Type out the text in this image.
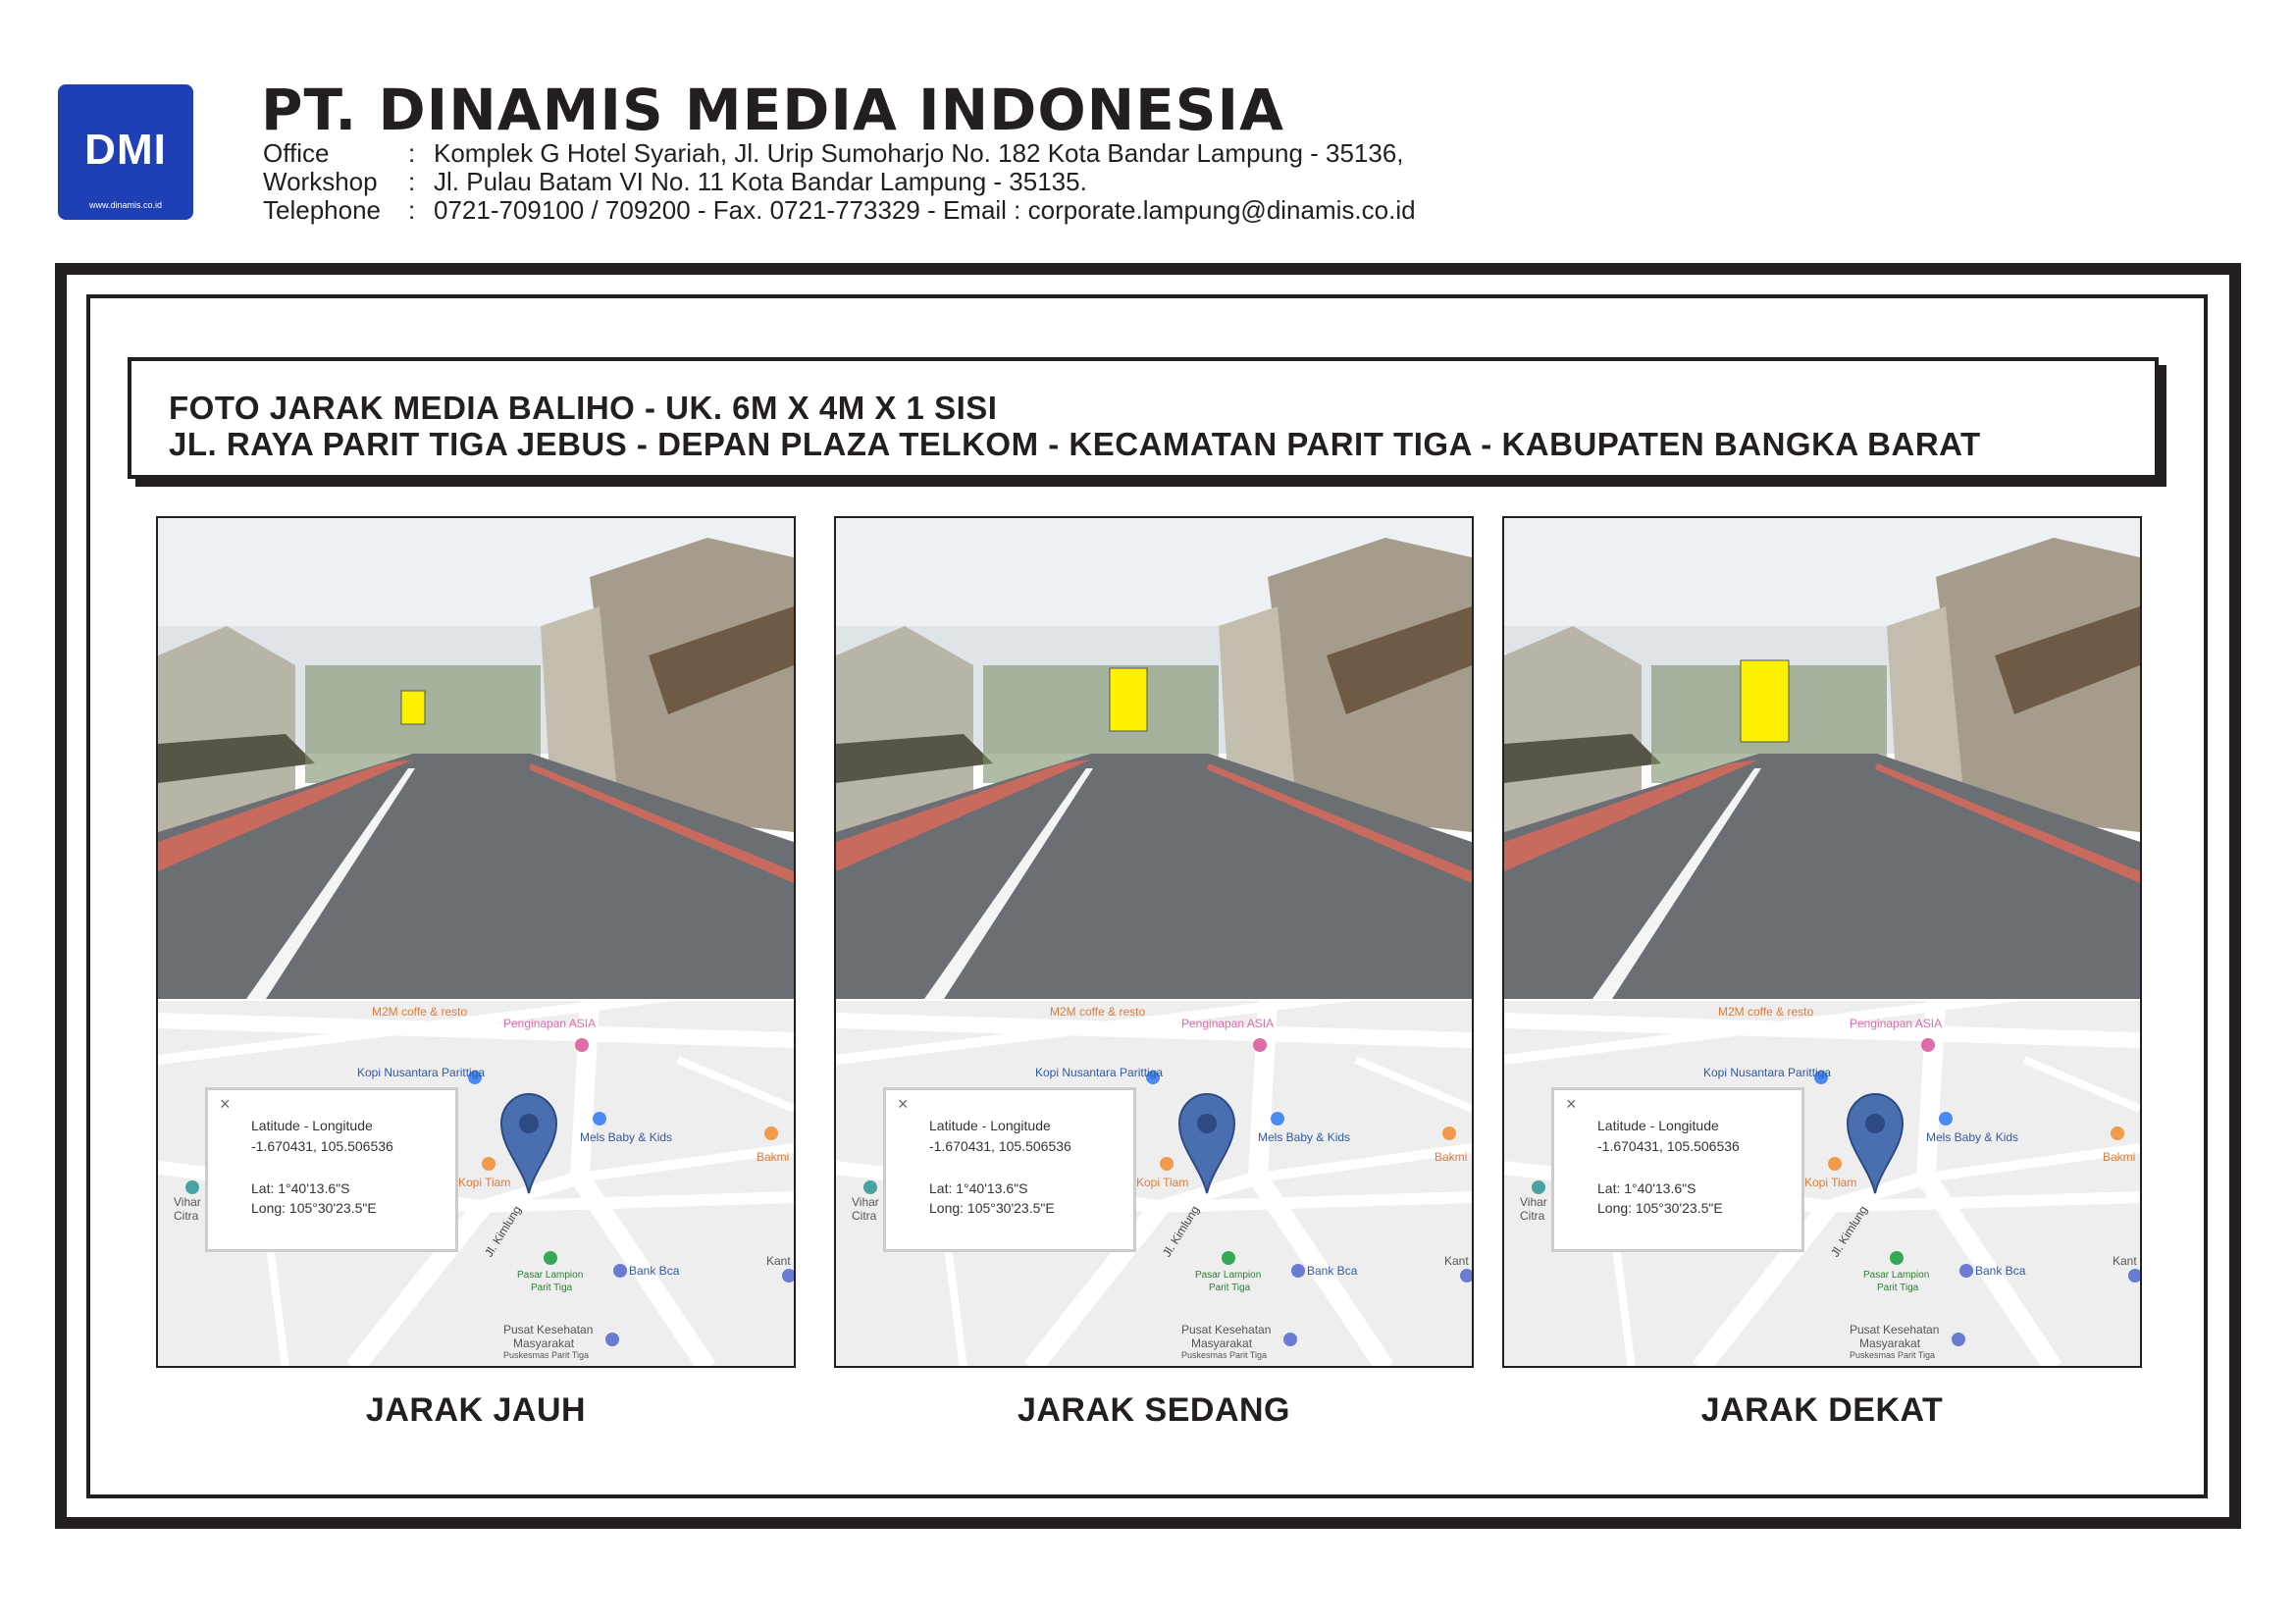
DMI
www.dinamis.co.id
PT. DINAMIS MEDIA INDONESIA
Office	: Komplek G Hotel Syariah, Jl. Urip Sumoharjo No. 182 Kota Bandar Lampung - 35136,
Workshop : Jl. Pulau Batam VI No. 11 Kota Bandar Lampung - 35135.
Telephone : 0721-709100 / 709200 - Fax. 0721-773329 - Email : corporate.lampung@dinamis.co.id
FOTO JARAK MEDIA BALIHO - UK. 6M X 4M X 1 SISI
JL. RAYA PARIT TIGA JEBUS - DEPAN PLAZA TELKOM - KECAMATAN PARIT TIGA - KABUPATEN BANGKA BARAT
M2M coffe & resto
Penginapan ASIA
Kopi Nusantara Parittiga
Mels Baby & Kids
Bakmi
Kopi Tiam
Vihar
Citra	Jl. Kimlung
Bank Bca
Pasar Lampion
Parit Tiga
Pusat Kesehatan
Masyarakat
Puskesmas Parit Tiga
Kant
×
Latitude - Longitude
-1.670431, 105.506536
Lat: 1°40'13.6"S
Long: 105°30'23.5"E
JARAK JAUH
M2M coffe & resto
Penginapan ASIA
Kopi Nusantara Parittiga
Mels Baby & Kids
Bakmi
Kopi Tiam
Vihar
Citra	Jl. Kimlung
Bank Bca
Pasar Lampion
Parit Tiga
Pusat Kesehatan
Masyarakat
Puskesmas Parit Tiga
Kant
×
Latitude - Longitude
-1.670431, 105.506536
Lat: 1°40'13.6"S
Long: 105°30'23.5"E
JARAK SEDANG
M2M coffe & resto
Penginapan ASIA
Kopi Nusantara Parittiga
Mels Baby & Kids
Bakmi
Kopi Tiam
Vihar
Citra	Jl. Kimlung
Bank Bca
Pasar Lampion
Parit Tiga
Pusat Kesehatan
Masyarakat
Puskesmas Parit Tiga
Kant
×
Latitude - Longitude
-1.670431, 105.506536
Lat: 1°40'13.6"S
Long: 105°30'23.5"E
JARAK DEKAT
